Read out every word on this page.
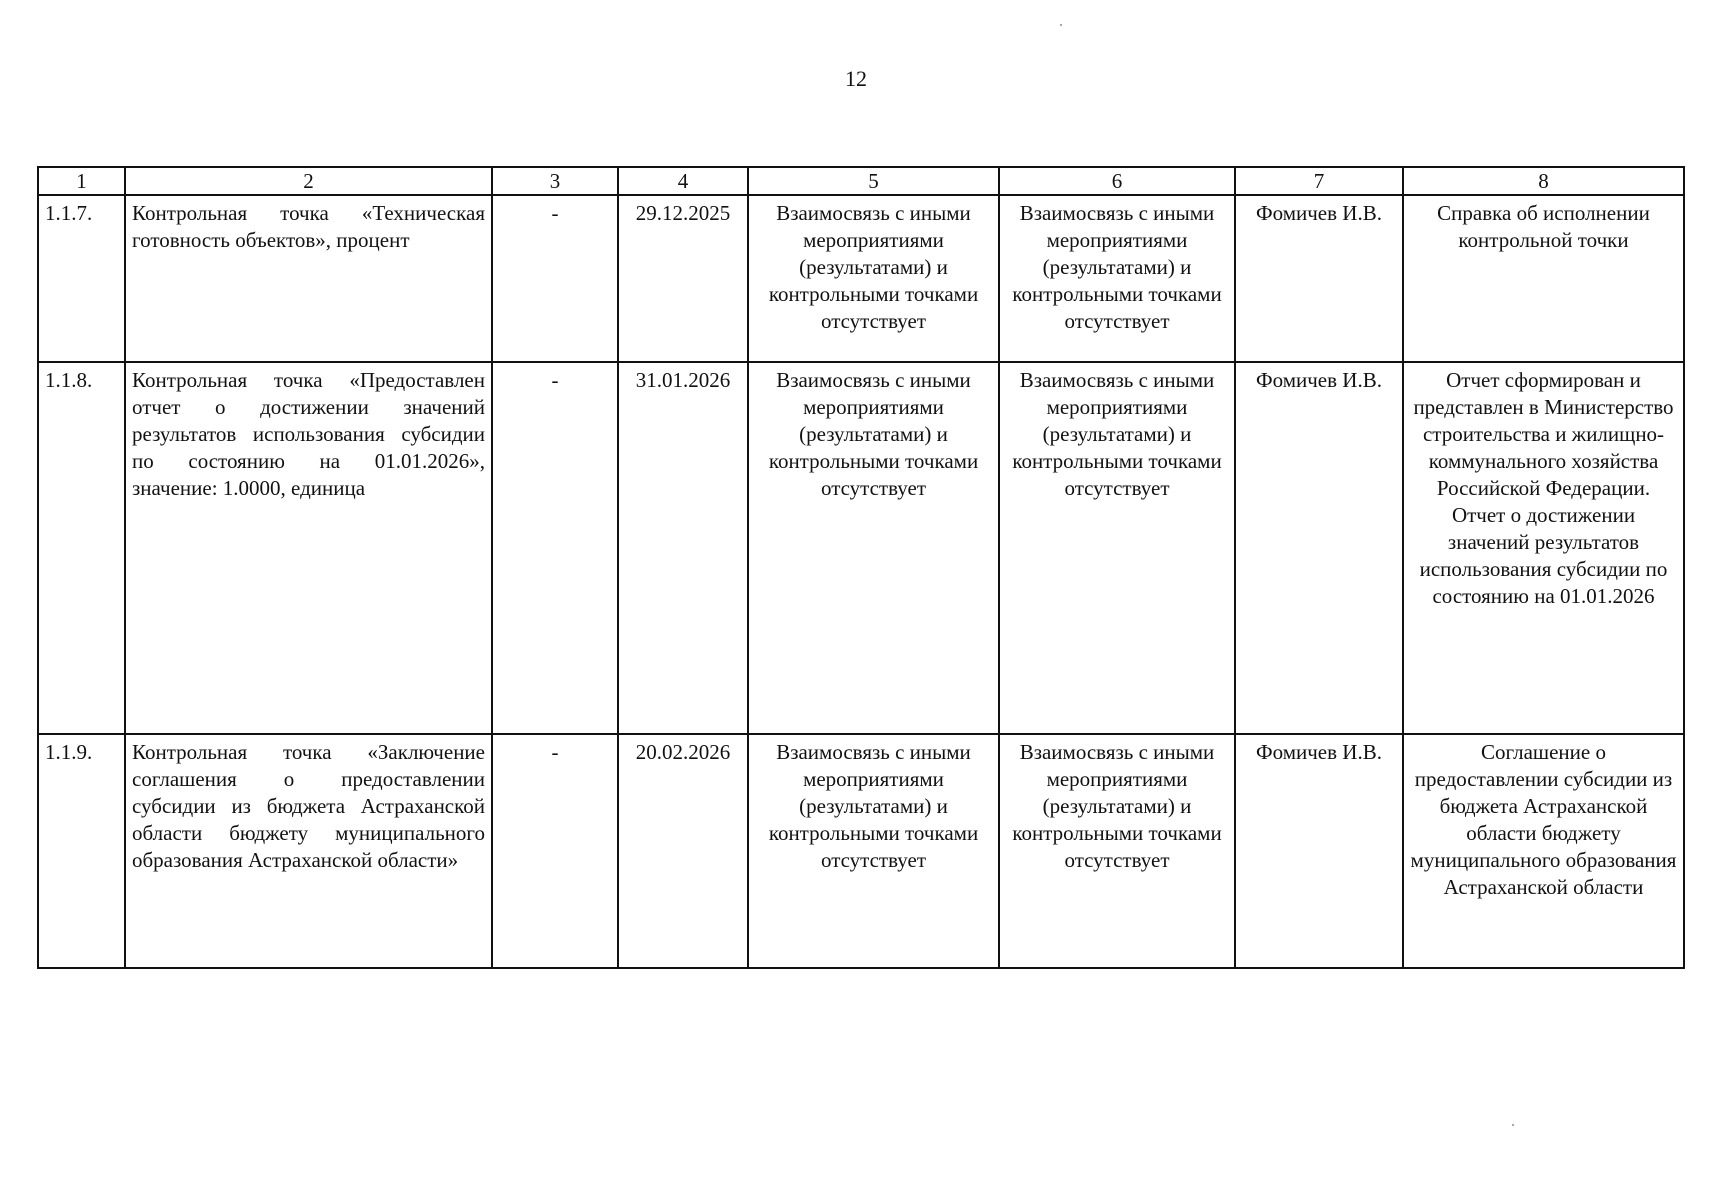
12
1	2	3	4	5	6	7	8
1.1.7.	Контрольная точка «Техническая готовность объектов», процент	-	29.12.2025	Взаимосвязь с иными мероприятиями (результатами) и контрольными точками отсутствует	Взаимосвязь с иными мероприятиями (результатами) и контрольными точками отсутствует	Фомичев И.В.	Справка об исполнении контрольной точки
1.1.8.	Контрольная точка «Предоставлен отчет о достижении значений результатов использования субсидии по состоянию на 01.01.2026», значение: 1.0000, единица	-	31.01.2026	Взаимосвязь с иными мероприятиями (результатами) и контрольными точками отсутствует	Взаимосвязь с иными мероприятиями (результатами) и контрольными точками отсутствует	Фомичев И.В.	Отчет сформирован и представлен в Министерство строительства и жилищно-коммунального хозяйства Российской Федерации.
Отчет о достижении значений результатов использования субсидии по состоянию на 01.01.2026
1.1.9.	Контрольная точка «Заключение соглашения о предоставлении субсидии из бюджета Астраханской области бюджету муниципального образования Астраханской области»	-	20.02.2026	Взаимосвязь с иными мероприятиями (результатами) и контрольными точками отсутствует	Взаимосвязь с иными мероприятиями (результатами) и контрольными точками отсутствует	Фомичев И.В.	Соглашение о предоставлении субсидии из бюджета Астраханской области бюджету муниципального образования Астраханской области
